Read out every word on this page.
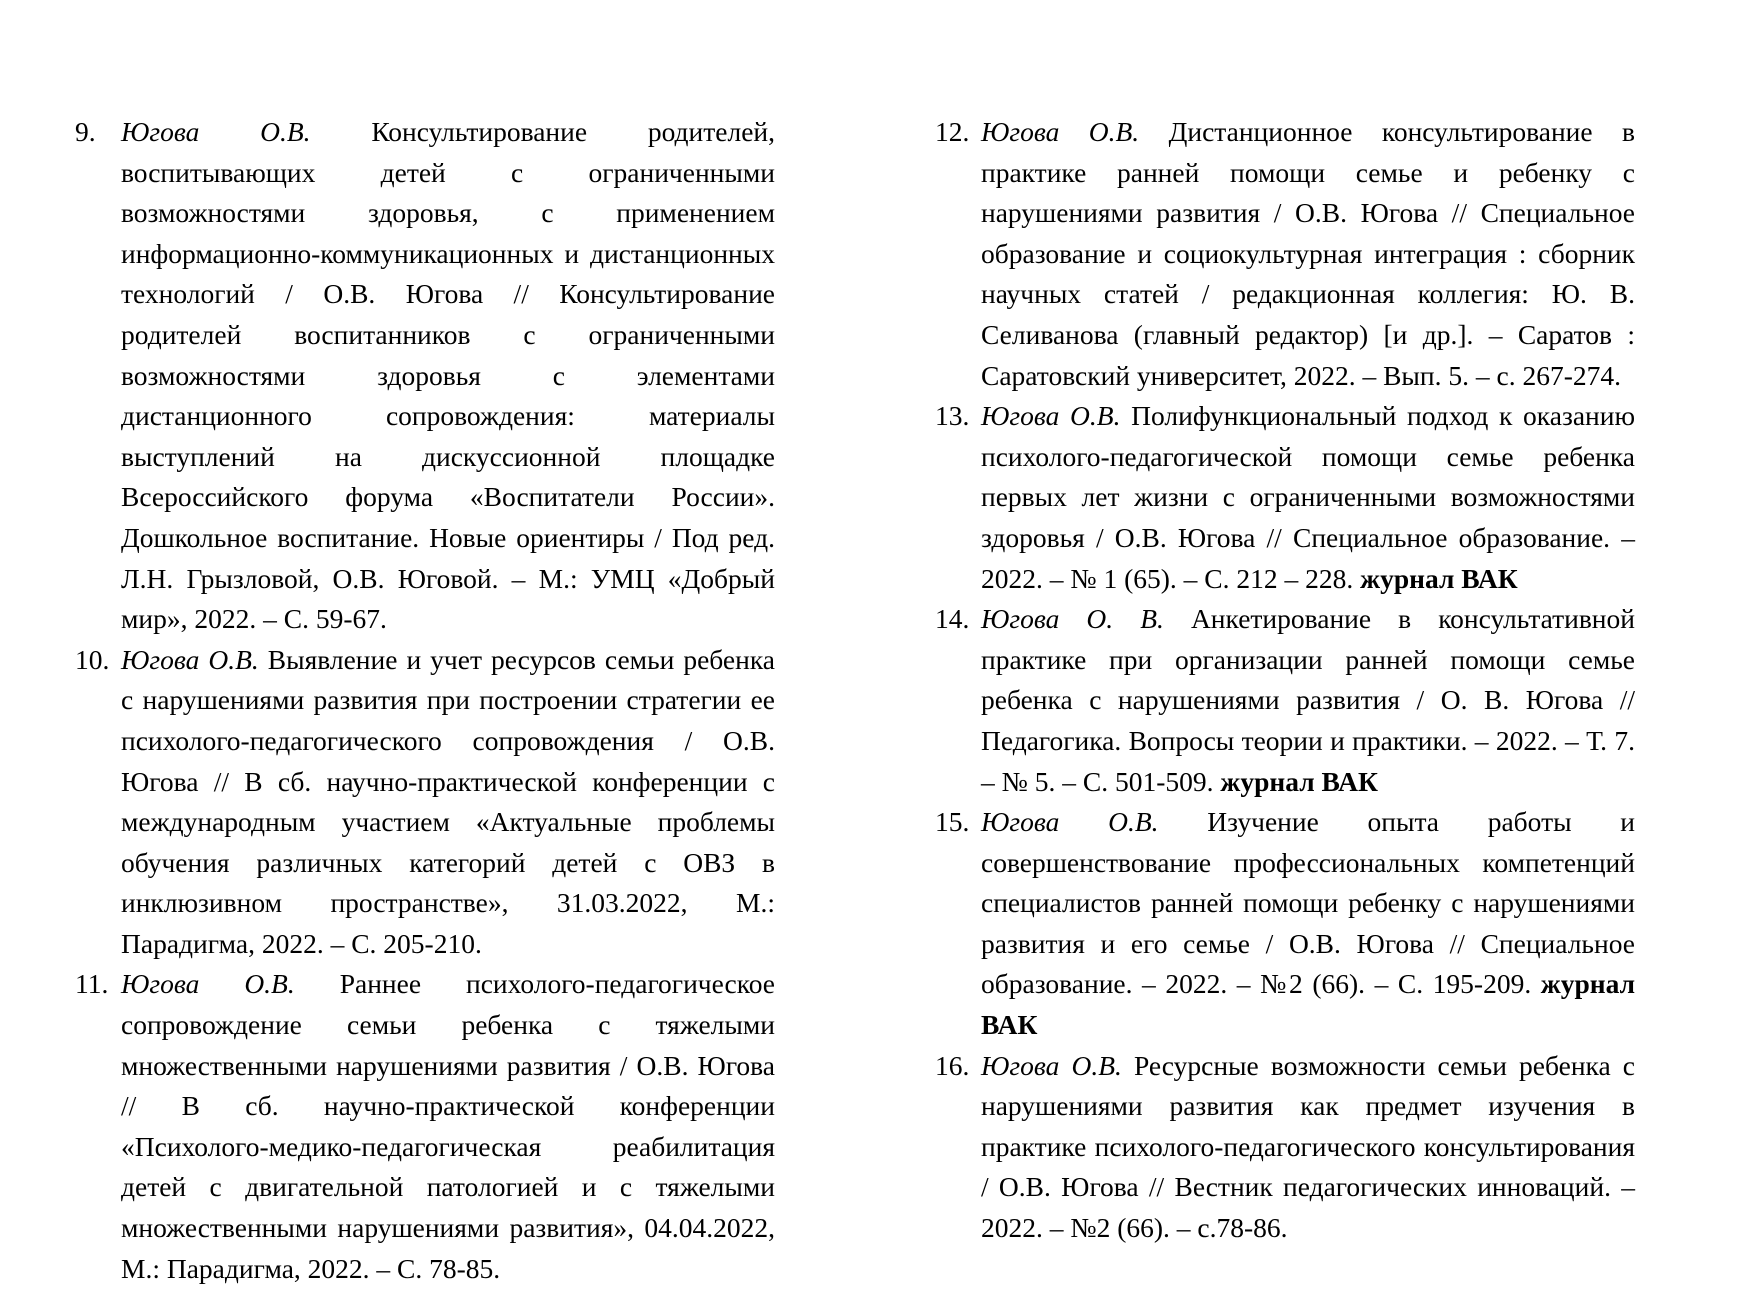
9. Югова О.В. Консультирование родителей, воспитывающих детей с ограниченными возможностями здоровья, с применением информационно-коммуникационных и дистанционных технологий / О.В. Югова // Консультирование родителей воспитанников с ограниченными возможностями здоровья с элементами дистанционного сопровождения: материалы выступлений на дискуссионной площадке Всероссийского форума «Воспитатели России». Дошкольное воспитание. Новые ориентиры / Под ред. Л.Н. Грызловой, О.В. Юговой. – М.: УМЦ «Добрый мир», 2022. – С. 59-67.
10. Югова О.В. Выявление и учет ресурсов семьи ребенка с нарушениями развития при построении стратегии ее психолого-педагогического сопровождения / О.В. Югова // В сб. научно-практической конференции с международным участием «Актуальные проблемы обучения различных категорий детей с ОВЗ в инклюзивном пространстве», 31.03.2022, М.: Парадигма, 2022. – С. 205-210.
11. Югова О.В. Раннее психолого-педагогическое сопровождение семьи ребенка с тяжелыми множественными нарушениями развития / О.В. Югова // В сб. научно-практической конференции «Психолого-медико-педагогическая реабилитация детей с двигательной патологией и с тяжелыми множественными нарушениями развития», 04.04.2022, М.: Парадигма, 2022. – С. 78-85.
12. Югова О.В. Дистанционное консультирование в практике ранней помощи семье и ребенку с нарушениями развития / О.В. Югова // Специальное образование и социокультурная интеграция : сборник научных статей / редакционная коллегия: Ю. В. Селиванова (главный редактор) [и др.]. – Саратов : Саратовский университет, 2022. – Вып. 5. – с. 267-274.
13. Югова О.В. Полифункциональный подход к оказанию психолого-педагогической помощи семье ребенка первых лет жизни с ограниченными возможностями здоровья / О.В. Югова // Специальное образование. – 2022. – № 1 (65). – С. 212 – 228. журнал ВАК
14. Югова О. В. Анкетирование в консультативной практике при организации ранней помощи семье ребенка с нарушениями развития / О. В. Югова // Педагогика. Вопросы теории и практики. – 2022. – Т. 7. – № 5. – С. 501-509. журнал ВАК
15. Югова О.В. Изучение опыта работы и совершенствование профессиональных компетенций специалистов ранней помощи ребенку с нарушениями развития и его семье / О.В. Югова // Специальное образование. – 2022. – №2 (66). – С. 195-209. журнал ВАК
16. Югова О.В. Ресурсные возможности семьи ребенка с нарушениями развития как предмет изучения в практике психолого-педагогического консультирования / О.В. Югова // Вестник педагогических инноваций. – 2022. – №2 (66). – с.78-86.
